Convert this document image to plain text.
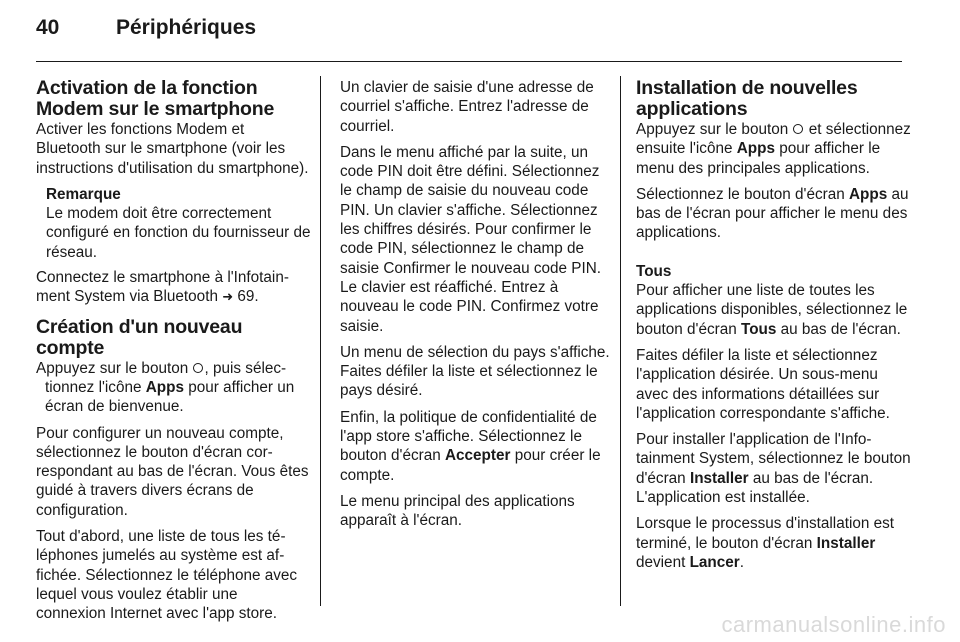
40	Périphériques
Activation de la fonction Modem sur le smartphone

Activer les fonctions Modem et Bluetooth sur le smartphone (voir les instructions d'utilisation du smartphone).

Remarque

Le modem doit être correctement configuré en fonction du fournisseur de réseau.

Connectez le smartphone à l'Infotainment System via Bluetooth ➜ 69.

Création d'un nouveau compte

Appuyez sur le bouton , puis sélectionnez l'icône Apps pour afficher un écran de bienvenue.

Pour configurer un nouveau compte, sélectionnez le bouton d'écran correspondant au bas de l'écran. Vous êtes guidé à travers divers écrans de configuration.

Tout d'abord, une liste de tous les téléphones jumelés au système est affichée. Sélectionnez le téléphone avec lequel vous voulez établir une connexion Internet avec l'app store.

Un clavier de saisie d'une adresse de courriel s'affiche. Entrez l'adresse de courriel.

Dans le menu affiché par la suite, un code PIN doit être défini. Sélectionnez le champ de saisie du nouveau code PIN. Un clavier s'affiche. Sélectionnez les chiffres désirés. Pour confirmer le code PIN, sélectionnez le champ de saisie Confirmer le nouveau code PIN. Le clavier est réaffiché. Entrez à nouveau le code PIN. Confirmez votre saisie.

Un menu de sélection du pays s'affiche. Faites défiler la liste et sélectionnez le pays désiré.

Enfin, la politique de confidentialité de l'app store s'affiche. Sélectionnez le bouton d'écran Accepter pour créer le compte.

Le menu principal des applications apparaît à l'écran.

Installation de nouvelles applications

Appuyez sur le bouton  et sélectionnez ensuite l'icône Apps pour afficher le menu des principales applications.

Sélectionnez le bouton d'écran Apps au bas de l'écran pour afficher le menu des applications.

Tous

Pour afficher une liste de toutes les applications disponibles, sélectionnez le bouton d'écran Tous au bas de l'écran.

Faites défiler la liste et sélectionnez l'application désirée. Un sous-menu avec des informations détaillées sur l'application correspondante s'affiche.

Pour installer l'application de l'Infotainment System, sélectionnez le bouton d'écran Installer au bas de l'écran. L'application est installée.

Lorsque le processus d'installation est terminé, le bouton d'écran Installer devient Lancer.

carmanualsonline.info
